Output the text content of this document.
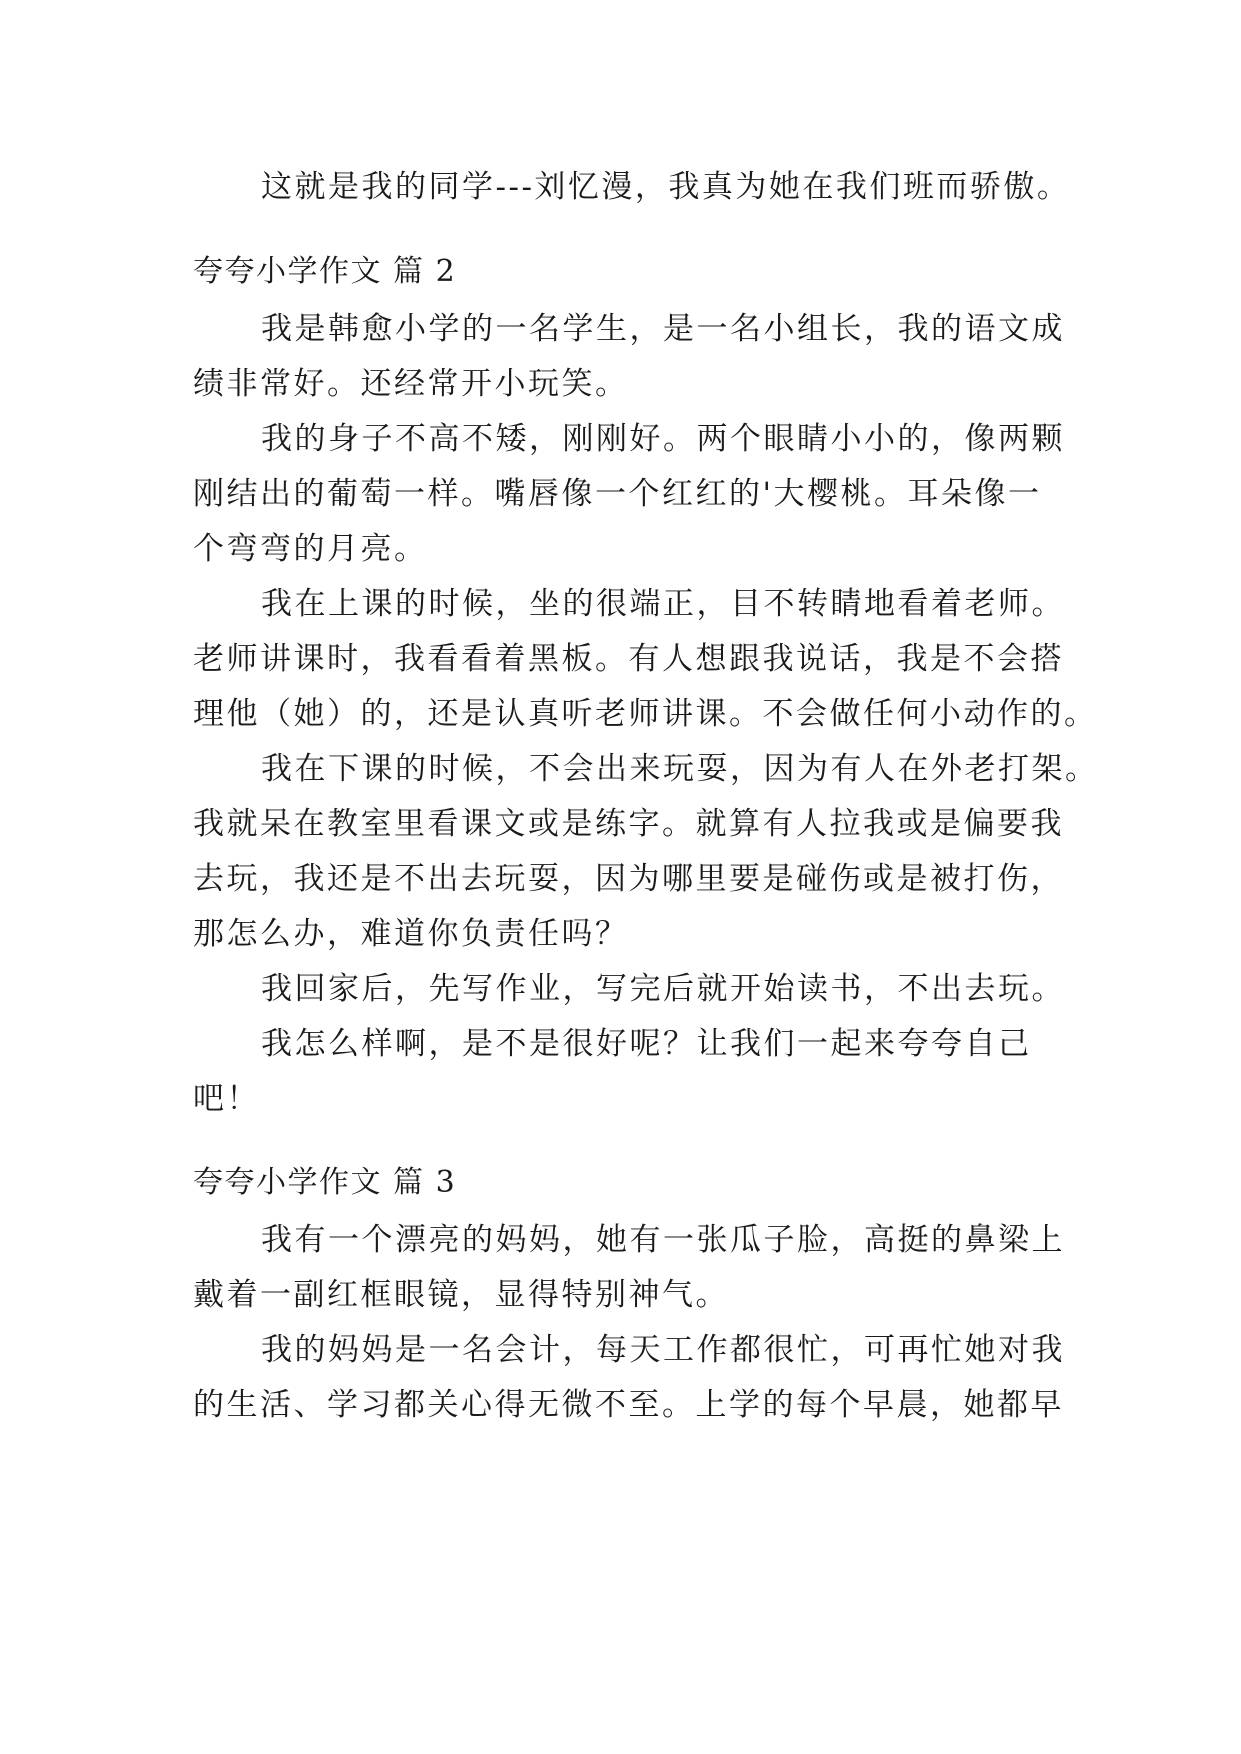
这就是我的同学---刘忆漫，我真为她在我们班而骄傲。
夸夸小学作文 篇 2
我是韩愈小学的一名学生，是一名小组长，我的语文成
绩非常好。还经常开小玩笑。
我的身子不高不矮，刚刚好。两个眼睛小小的，像两颗
刚结出的葡萄一样。嘴唇像一个红红的'大樱桃。耳朵像一
个弯弯的月亮。
我在上课的时候，坐的很端正，目不转睛地看着老师。
老师讲课时，我看看着黑板。有人想跟我说话，我是不会搭
理他（她）的，还是认真听老师讲课。不会做任何小动作的。
我在下课的时候，不会出来玩耍，因为有人在外老打架。
我就呆在教室里看课文或是练字。就算有人拉我或是偏要我
去玩，我还是不出去玩耍，因为哪里要是碰伤或是被打伤，
那怎么办，难道你负责任吗？
我回家后，先写作业，写完后就开始读书，不出去玩。
我怎么样啊，是不是很好呢？让我们一起来夸夸自己
吧！
夸夸小学作文 篇 3
我有一个漂亮的妈妈，她有一张瓜子脸，高挺的鼻梁上
戴着一副红框眼镜，显得特别神气。
我的妈妈是一名会计，每天工作都很忙，可再忙她对我
的生活、学习都关心得无微不至。上学的每个早晨，她都早
